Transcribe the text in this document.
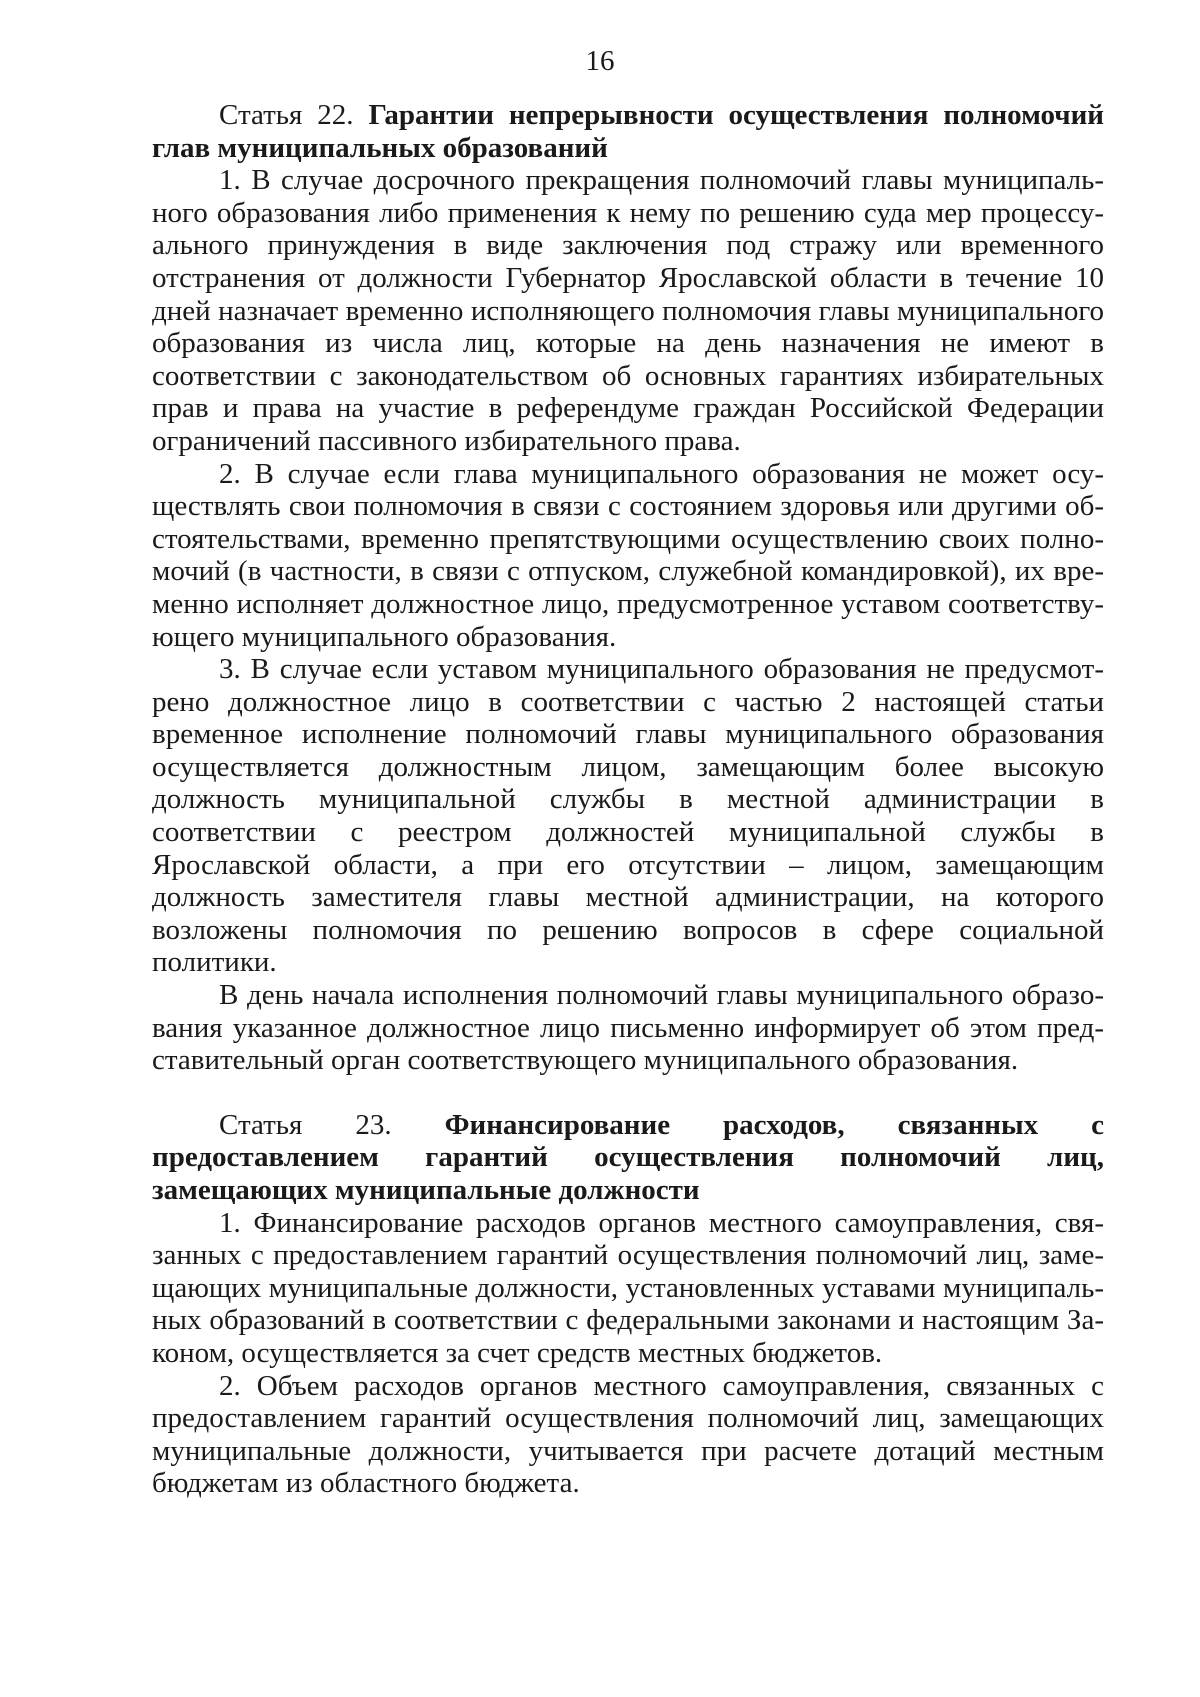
16

Статья 22. Гарантии непрерывности осуществления полномочий глав муниципальных образований

1. В случае досрочного прекращения полномочий главы муниципального образования либо применения к нему по решению суда мер процессуального принуждения в виде заключения под стражу или временного отстранения от должности Губернатор Ярославской области в течение 10 дней назначает временно исполняющего полномочия главы муниципального образования из числа лиц, которые на день назначения не имеют в соответствии с законодательством об основных гарантиях избирательных прав и права на участие в референдуме граждан Российской Федерации ограничений пассивного избирательного права.

2. В случае если глава муниципального образования не может осуществлять свои полномочия в связи с состоянием здоровья или другими обстоятельствами, временно препятствующими осуществлению своих полномочий (в частности, в связи с отпуском, служебной командировкой), их временно исполняет должностное лицо, предусмотренное уставом соответствующего муниципального образования.

3. В случае если уставом муниципального образования не предусмотрено должностное лицо в соответствии с частью 2 настоящей статьи временное исполнение полномочий главы муниципального образования осуществляется должностным лицом, замещающим более высокую должность муниципальной службы в местной администрации в соответствии с реестром должностей муниципальной службы в Ярославской области, а при его отсутствии – лицом, замещающим должность заместителя главы местной администрации, на которого возложены полномочия по решению вопросов в сфере социальной политики.

В день начала исполнения полномочий главы муниципального образования указанное должностное лицо письменно информирует об этом представительный орган соответствующего муниципального образования.

Статья 23. Финансирование расходов, связанных с предоставлением гарантий осуществления полномочий лиц, замещающих муниципальные должности

1. Финансирование расходов органов местного самоуправления, связанных с предоставлением гарантий осуществления полномочий лиц, замещающих муниципальные должности, установленных уставами муниципальных образований в соответствии с федеральными законами и настоящим Законом, осуществляется за счет средств местных бюджетов.

2. Объем расходов органов местного самоуправления, связанных с предоставлением гарантий осуществления полномочий лиц, замещающих муниципальные должности, учитывается при расчете дотаций местным бюджетам из областного бюджета.
